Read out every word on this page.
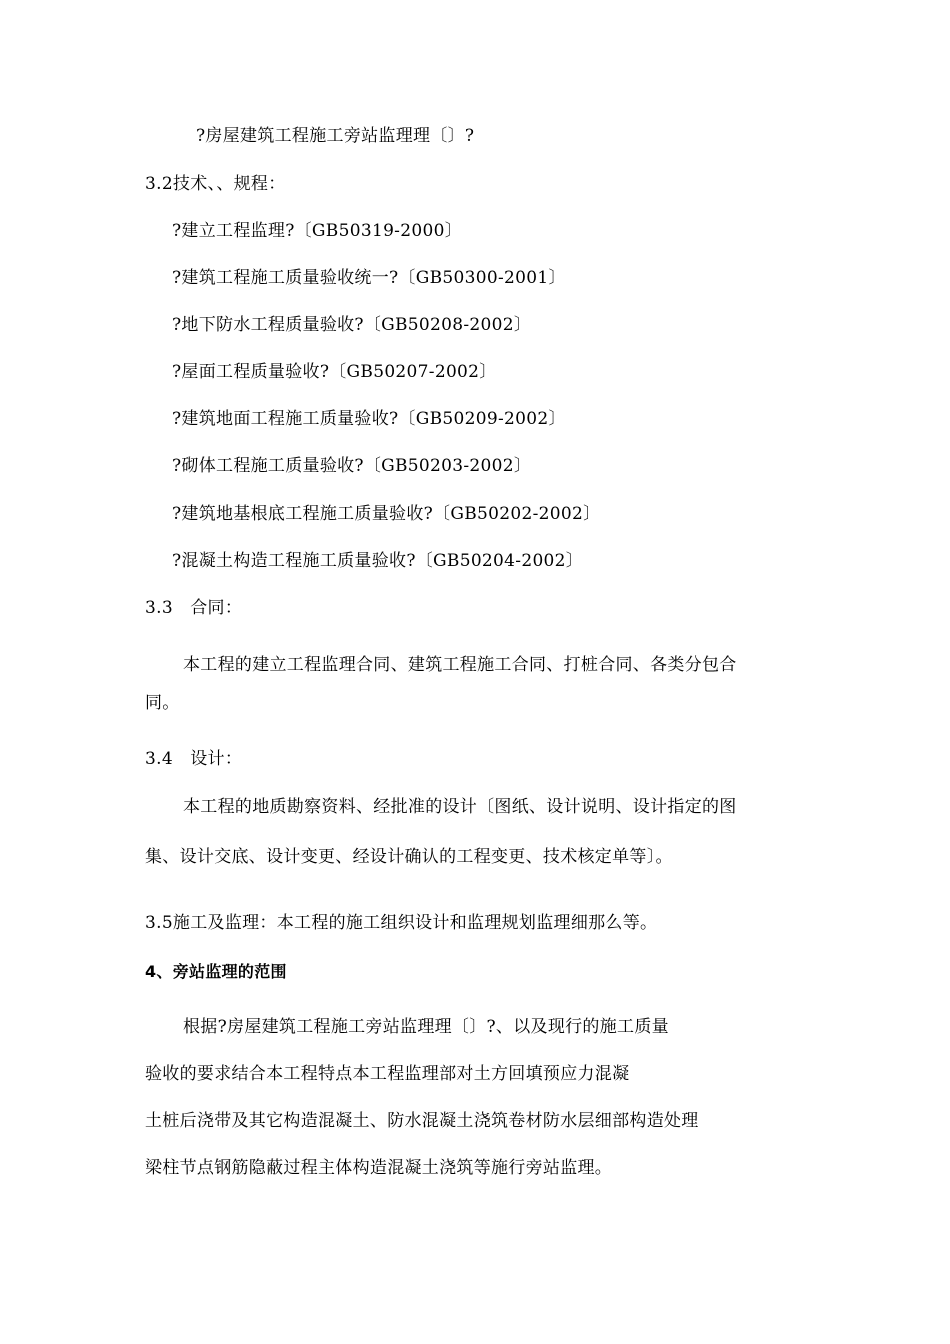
?房屋建筑工程施工旁站监理理〔〕?
3.2技术、、规程：
?建立工程监理?〔GB50319-2000〕
?建筑工程施工质量验收统一?〔GB50300-2001〕
?地下防水工程质量验收?〔GB50208-2002〕
?屋面工程质量验收?〔GB50207-2002〕
?建筑地面工程施工质量验收?〔GB50209-2002〕
?砌体工程施工质量验收?〔GB50203-2002〕
?建筑地基根底工程施工质量验收?〔GB50202-2002〕
?混凝土构造工程施工质量验收?〔GB50204-2002〕
3.3　合同：
本工程的建立工程监理合同、建筑工程施工合同、打桩合同、各类分包合
同。
3.4　设计：
本工程的地质勘察资料、经批准的设计〔图纸、设计说明、设计指定的图
集、设计交底、设计变更、经设计确认的工程变更、技术核定单等〕。
3.5施工及监理：本工程的施工组织设计和监理规划监理细那么等。
4、旁站监理的范围
根据?房屋建筑工程施工旁站监理理〔〕?、以及现行的施工质量
验收的要求结合本工程特点本工程监理部对土方回填预应力混凝
土桩后浇带及其它构造混凝土、防水混凝土浇筑卷材防水层细部构造处理
梁柱节点钢筋隐蔽过程主体构造混凝土浇筑等施行旁站监理。
